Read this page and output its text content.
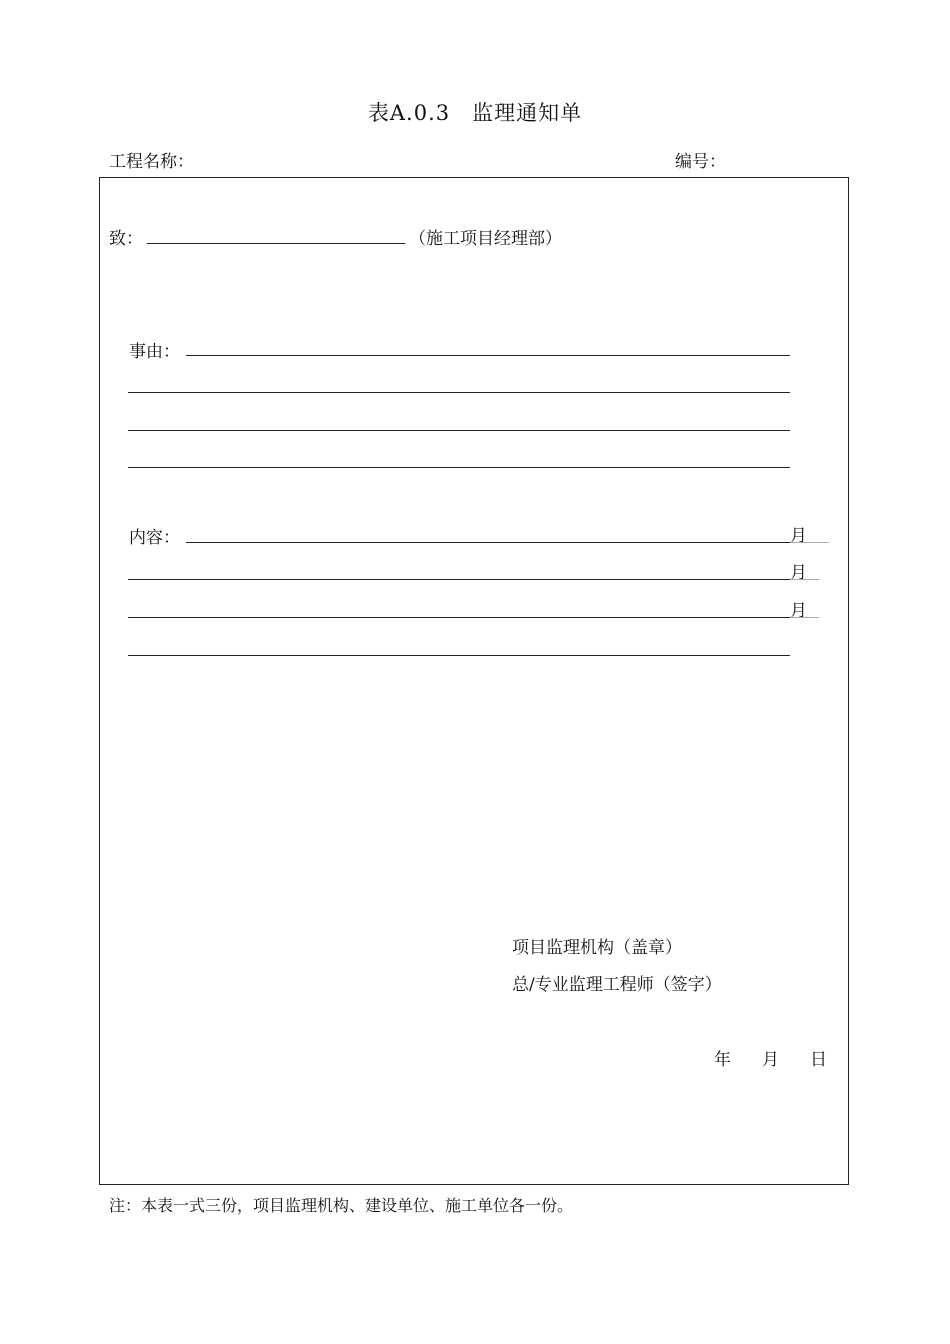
表A.0.3　监理通知单
工程名称：	编号：
致：	（施工项目经理部）
事由：
内容：	月
月
月
项目监理机构（盖章）
总/专业监理工程师（签字）
年 月 日
注：本表一式三份，项目监理机构、建设单位、施工单位各一份。
